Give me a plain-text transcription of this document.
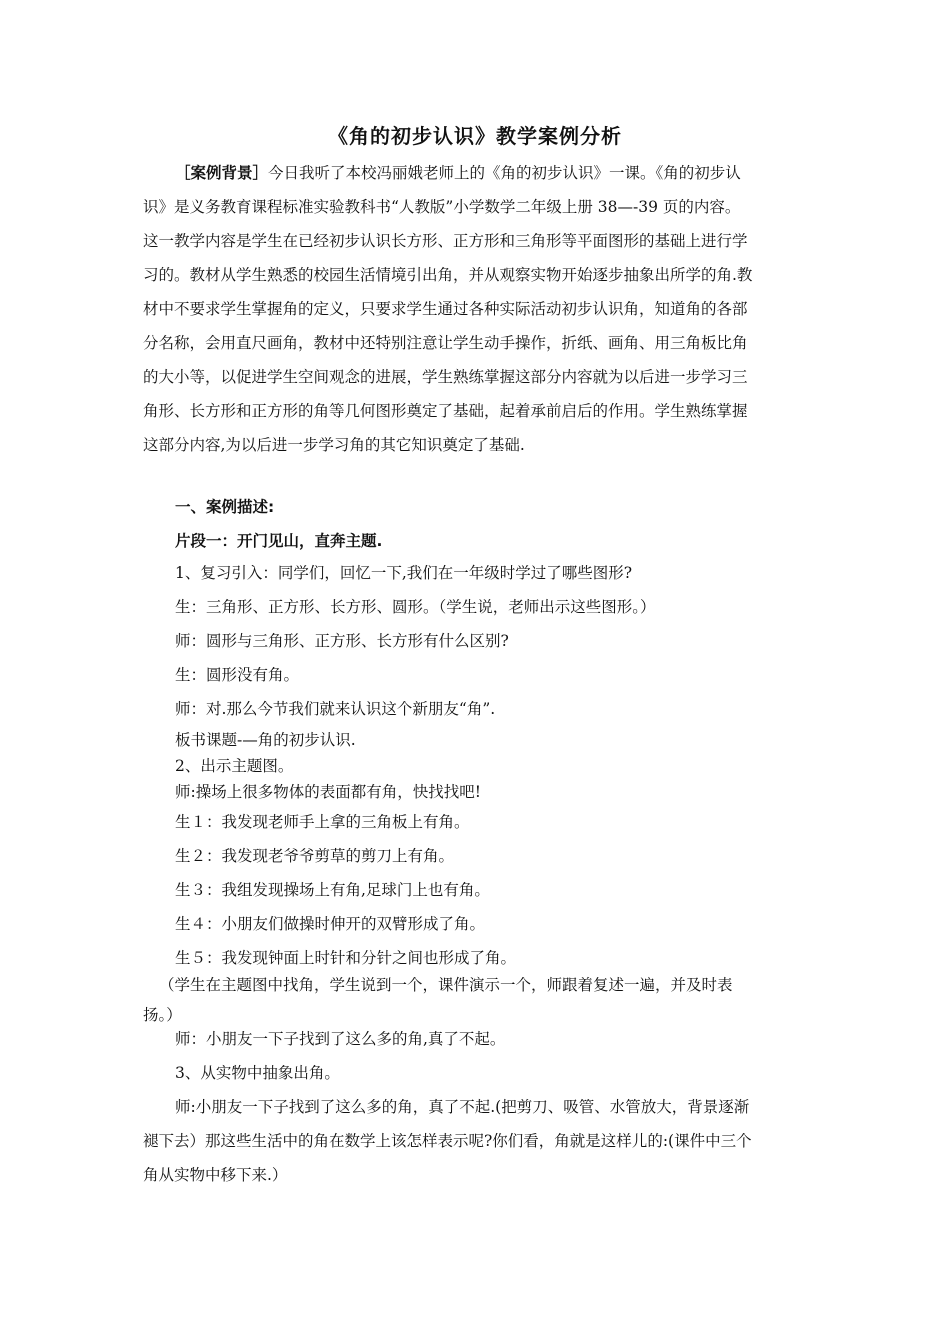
《角的初步认识》教学案例分析
［案例背景］今日我听了本校冯丽娥老师上的《角的初步认识》一课。《角的初步认
识》是义务教育课程标准实验教科书“人教版”小学数学二年级上册 38—-39 页的内容。
这一教学内容是学生在已经初步认识长方形、正方形和三角形等平面图形的基础上进行学
习的。教材从学生熟悉的校园生活情境引出角，并从观察实物开始逐步抽象出所学的角.教
材中不要求学生掌握角的定义，只要求学生通过各种实际活动初步认识角，知道角的各部
分名称，会用直尺画角，教材中还特别注意让学生动手操作，折纸、画角、用三角板比角
的大小等，以促进学生空间观念的进展，学生熟练掌握这部分内容就为以后进一步学习三
角形、长方形和正方形的角等几何图形奠定了基础，起着承前启后的作用。学生熟练掌握
这部分内容,为以后进一步学习角的其它知识奠定了基础.
一、案例描述:
片段一：开门见山，直奔主题.
1、复习引入：同学们，回忆一下,我们在一年级时学过了哪些图形?
生：三角形、正方形、长方形、圆形。（学生说，老师出示这些图形。）
师：圆形与三角形、正方形、长方形有什么区别?
生：圆形没有角。
师：对.那么今节我们就来认识这个新朋友“角”.
板书课题-—角的初步认识.
2、出示主题图。
师:操场上很多物体的表面都有角，快找找吧!
生１：我发现老师手上拿的三角板上有角。
生２：我发现老爷爷剪草的剪刀上有角。
生３：我组发现操场上有角,足球门上也有角。
生４：小朋友们做操时伸开的双臂形成了角。
生５：我发现钟面上时针和分针之间也形成了角。
（学生在主题图中找角，学生说到一个，课件演示一个，师跟着复述一遍，并及时表
扬。）
师：小朋友一下子找到了这么多的角,真了不起。
3、从实物中抽象出角。
师:小朋友一下子找到了这么多的角，真了不起.(把剪刀、吸管、水管放大，背景逐渐
褪下去）那这些生活中的角在数学上该怎样表示呢?你们看，角就是这样儿的:(课件中三个
角从实物中移下来.）
